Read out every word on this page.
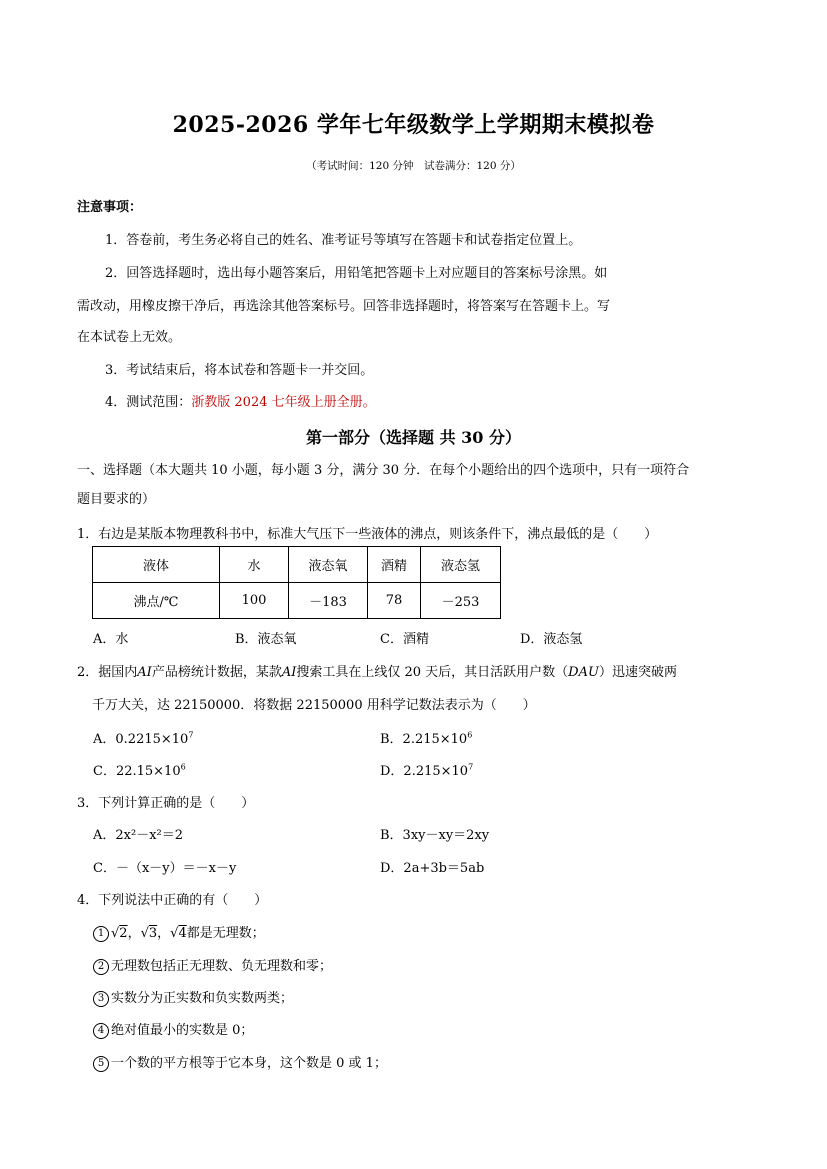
2025-2026 学年七年级数学上学期期末模拟卷
（考试时间：120 分钟　试卷满分：120 分）
注意事项：
1．答卷前，考生务必将自己的姓名、准考证号等填写在答题卡和试卷指定位置上。
2．回答选择题时，选出每小题答案后，用铅笔把答题卡上对应题目的答案标号涂黑。如
需改动，用橡皮擦干净后，再选涂其他答案标号。回答非选择题时，将答案写在答题卡上。写
在本试卷上无效。
3．考试结束后，将本试卷和答题卡一并交回。
4．测试范围：浙教版 2024 七年级上册全册。
第一部分（选择题 共 30 分）
一、选择题（本大题共 10 小题，每小题 3 分，满分 30 分．在每个小题给出的四个选项中，只有一项符合
题目要求的）
1．右边是某版本物理教科书中，标准大气压下一些液体的沸点，则该条件下，沸点最低的是（　　）
液体	水	液态氧	酒精	液态氢
沸点/℃	100	－183	78	－253
A．水	B．液态氧	C．酒精	D．液态氢
2．据国内AI产品榜统计数据，某款AI搜索工具在上线仅 20 天后，其日活跃用户数（DAU）迅速突破两
千万大关，达 22150000．将数据 22150000 用科学记数法表示为（　　）
A．$0.2215\times 10^7$	B．$2.215\times 10^6$
C．$22.15\times 10^6$	D．$2.215\times 10^7$
3．下列计算正确的是（　　）
A．2x²－x²＝2	B．3xy－xy＝2xy
C．－（x－y）＝－x－y	D．2a+3b＝5ab
4．下列说法中正确的有（　　）
1 √2，√3，√4都是无理数；
2 无理数包括正无理数、负无理数和零；
3 实数分为正实数和负实数两类；
4 绝对值最小的实数是 0；
5 一个数的平方根等于它本身，这个数是 0 或 1；
